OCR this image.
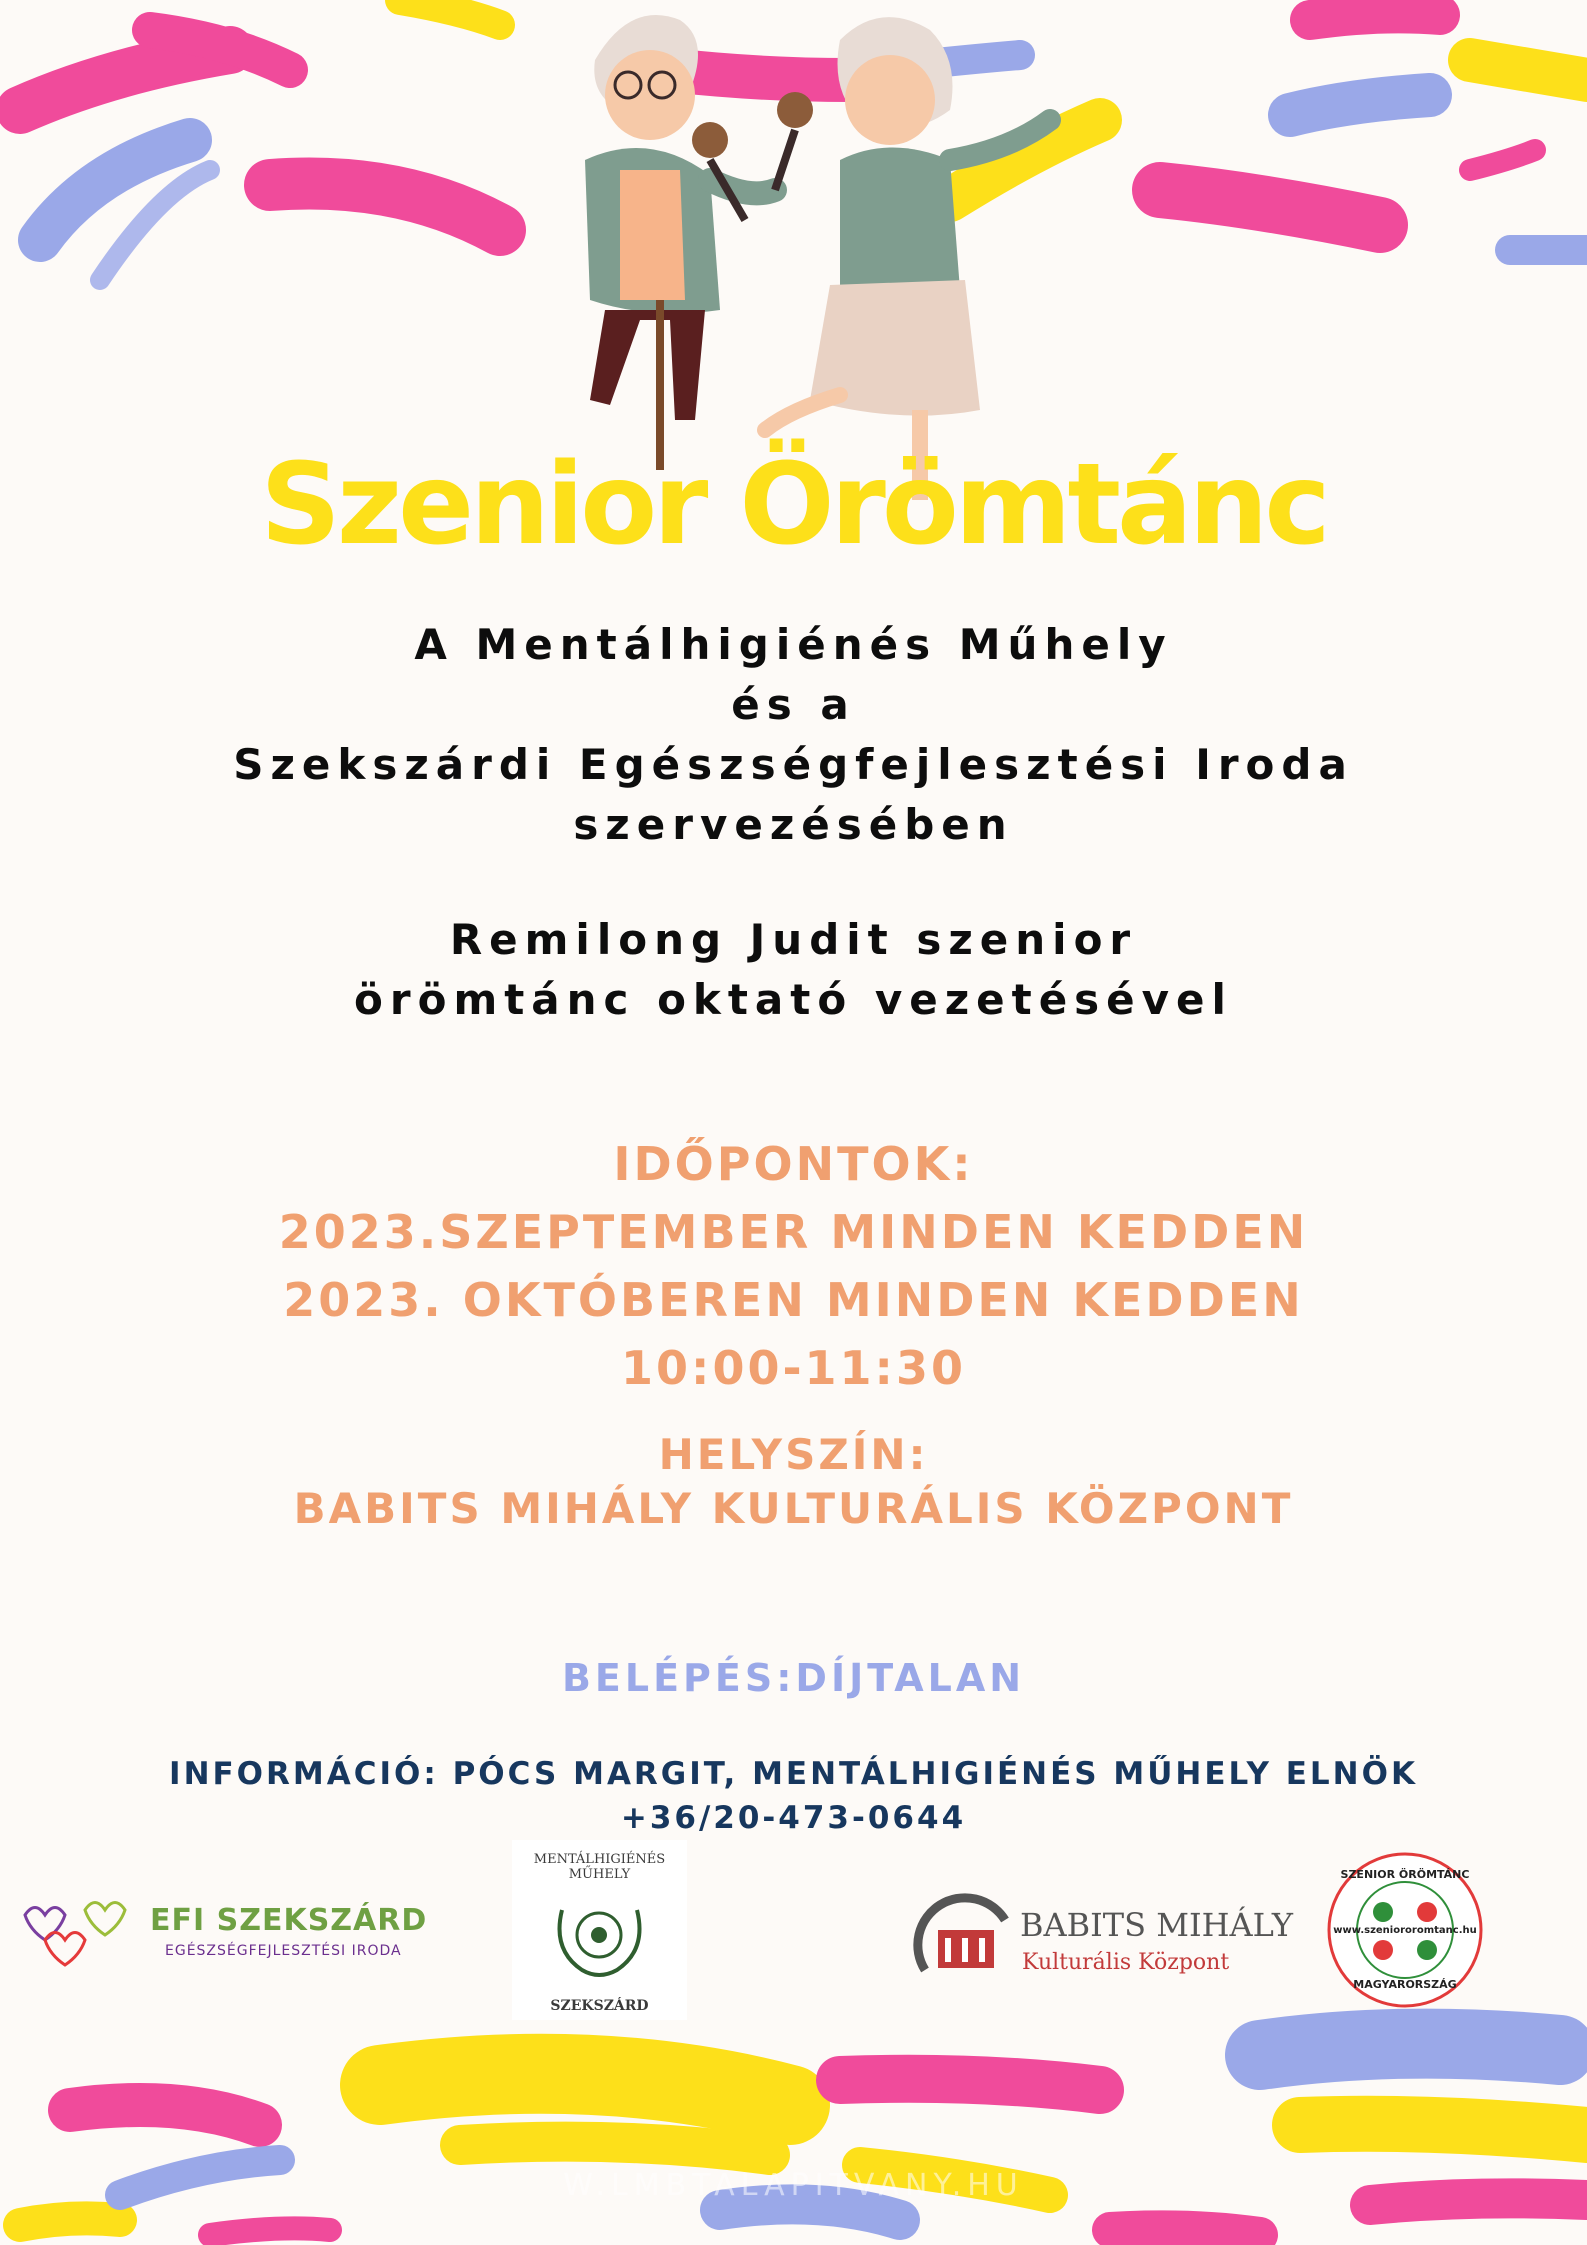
Szenior Örömtánc
A Mentálhigiénés Műhely
és a
Szekszárdi Egészségfejlesztési Iroda
szervezésében
Remilong Judit szenior
örömtánc oktató vezetésével
IDŐPONTOK:
2023.SZEPTEMBER MINDEN KEDDEN
2023. OKTÓBEREN MINDEN KEDDEN
10:00-11:30
HELYSZÍN:
BABITS MIHÁLY KULTURÁLIS KÖZPONT
BELÉPÉS:DÍJTALAN
INFORMÁCIÓ: PÓCS MARGIT, MENTÁLHIGIÉNÉS MŰHELY ELNÖK
+36/20-473-0644
EFI SZEKSZÁRD
EGÉSZSÉGFEJLESZTÉSI IRODA
MENTÁLHIGIÉNÉS MŰHELY
SZEKSZÁRD
BABITS MIHÁLY
Kulturális Központ
SZENIOR ÖRÖMTÁNC
www.szeniororomtanc.hu
MAGYARORSZÁG
W.LMBTALAPITVANY.HU
